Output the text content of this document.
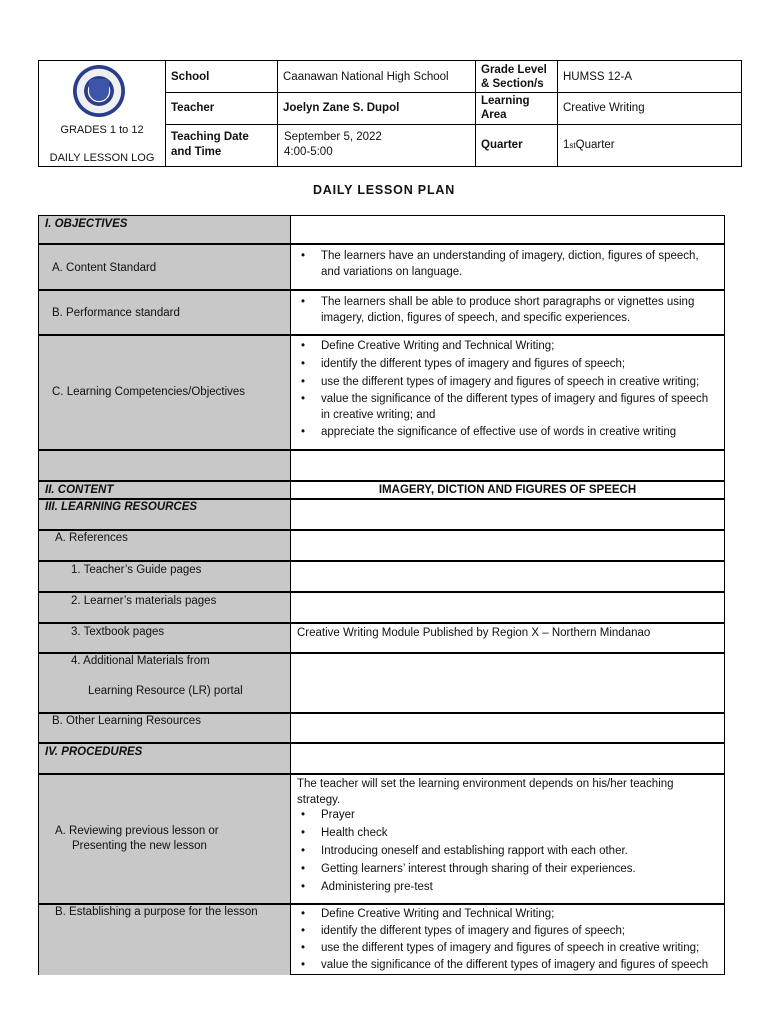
GRADES 1 to 12
DAILY LESSON LOG
School	Caanawan National High School
Grade Level & Section/s
HUMSS 12-A
Teacher	Joelyn Zane S. Dupol
Learning Area
Creative Writing
Teaching Date and Time
September 5, 2022
4:00-5:00
Quarter	1 st Quarter
DAILY LESSON PLAN
I. OBJECTIVES
A. Content Standard
• The learners have an understanding of imagery, diction, figures of speech, and variations on language.
B. Performance standard
• The learners shall be able to produce short paragraphs or vignettes using imagery, diction, figures of speech, and specific experiences.
C. Learning Competencies/Objectives
• Define Creative Writing and Technical Writing;
• identify the different types of imagery and figures of speech;
• use the different types of imagery and figures of speech in creative writing;
• value the significance of the different types of imagery and figures of speech in creative writing; and
• appreciate the significance of effective use of words in creative writing
II. CONTENT	IMAGERY, DICTION AND FIGURES OF SPEECH
III. LEARNING RESOURCES
A. References
1. Teacher’s Guide pages
2. Learner’s materials pages
3. Textbook pages	Creative Writing Module Published by Region X – Northern Mindanao
4. Additional Materials from
Learning Resource (LR) portal
B. Other Learning Resources
IV. PROCEDURES
A. Reviewing previous lesson or
Presenting the new lesson
The teacher will set the learning environment depends on his/her teaching strategy.
• Prayer
• Health check
• Introducing oneself and establishing rapport with each other.
• Getting learners’ interest through sharing of their experiences.
• Administering pre-test
B. Establishing a purpose for the lesson
•	Define Creative Writing and Technical Writing;
• identify the different types of imagery and figures of speech;
• use the different types of imagery and figures of speech in creative writing;
• value the significance of the different types of imagery and figures of speech
